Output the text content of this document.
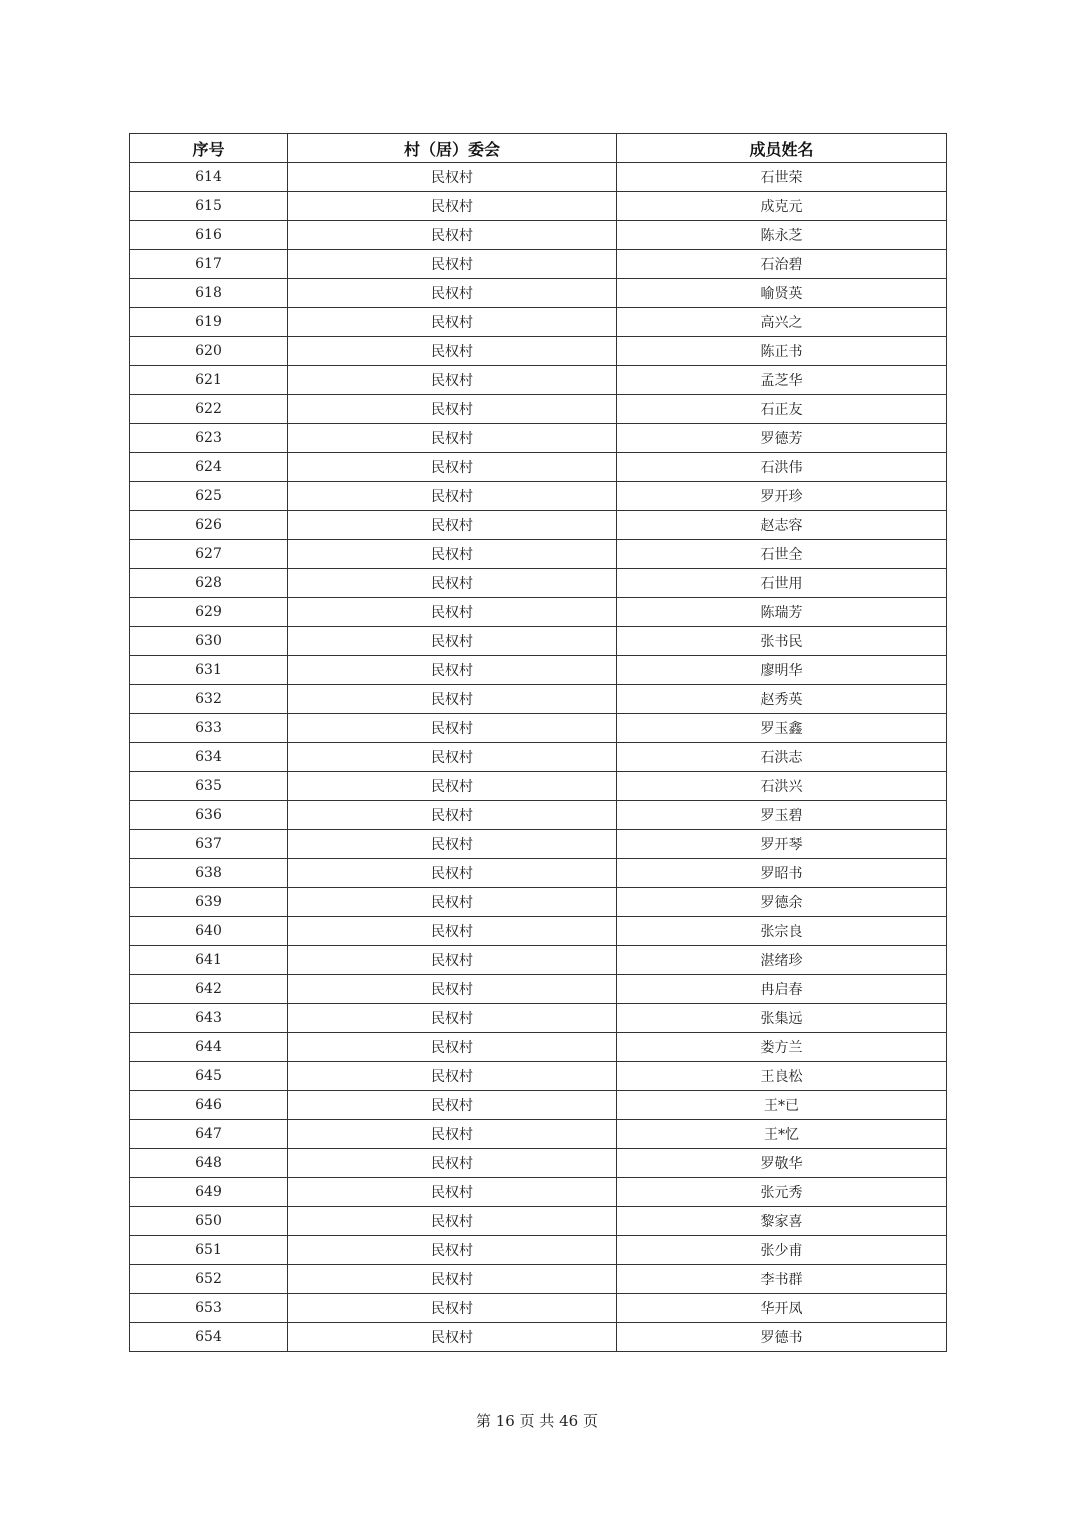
序号	村（居）委会	成员姓名
614	民权村	石世荣
615	民权村	成克元
616	民权村	陈永芝
617	民权村	石治碧
618	民权村	喻贤英
619	民权村	高兴之
620	民权村	陈正书
621	民权村	孟芝华
622	民权村	石正友
623	民权村	罗德芳
624	民权村	石洪伟
625	民权村	罗开珍
626	民权村	赵志容
627	民权村	石世全
628	民权村	石世用
629	民权村	陈瑞芳
630	民权村	张书民
631	民权村	廖明华
632	民权村	赵秀英
633	民权村	罗玉鑫
634	民权村	石洪志
635	民权村	石洪兴
636	民权村	罗玉碧
637	民权村	罗开琴
638	民权村	罗昭书
639	民权村	罗德余
640	民权村	张宗良
641	民权村	湛绪珍
642	民权村	冉启春
643	民权村	张集远
644	民权村	娄方兰
645	民权村	王良松
646	民权村	王*已
647	民权村	王*忆
648	民权村	罗敬华
649	民权村	张元秀
650	民权村	黎家喜
651	民权村	张少甫
652	民权村	李书群
653	民权村	华开凤
654	民权村	罗德书
第 16 页 共 46 页
